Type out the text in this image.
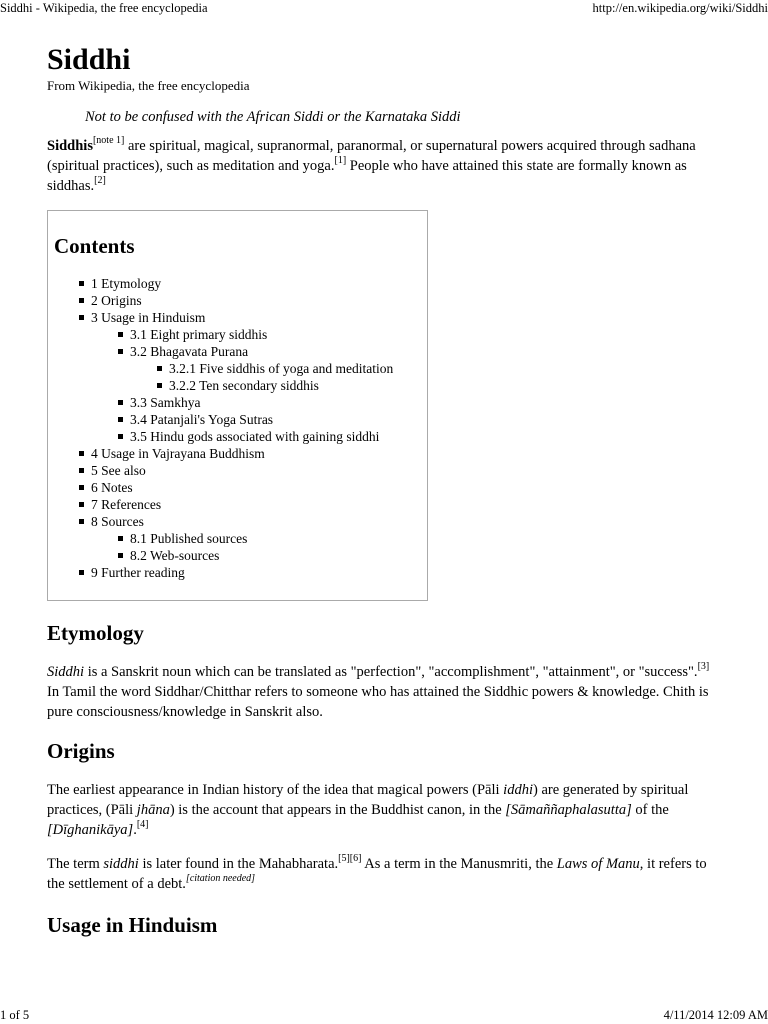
Siddhi - Wikipedia, the free encyclopedia	http://en.wikipedia.org/wiki/Siddhi
Siddhi
From Wikipedia, the free encyclopedia
Not to be confused with the African Siddi or the Karnataka Siddi

Siddhis[note 1] are spiritual, magical, supranormal, paranormal, or supernatural powers acquired through sadhana (spiritual practices), such as meditation and yoga.[1] People who have attained this state are formally known as siddhas.[2]

Contents
1 Etymology
2 Origins
3 Usage in Hinduism
3.1 Eight primary siddhis
3.2 Bhagavata Purana
3.2.1 Five siddhis of yoga and meditation
3.2.2 Ten secondary siddhis
3.3 Samkhya
3.4 Patanjali's Yoga Sutras
3.5 Hindu gods associated with gaining siddhi
4 Usage in Vajrayana Buddhism
5 See also
6 Notes
7 References
8 Sources
8.1 Published sources
8.2 Web-sources
9 Further reading
Etymology

Siddhi is a Sanskrit noun which can be translated as "perfection", "accomplishment", "attainment", or "success".[3] In Tamil the word Siddhar/Chitthar refers to someone who has attained the Siddhic powers & knowledge. Chith is pure consciousness/knowledge in Sanskrit also.

Origins

The earliest appearance in Indian history of the idea that magical powers (Pāli iddhi) are generated by spiritual practices, (Pāli jhāna) is the account that appears in the Buddhist canon, in the [Sāmaññaphalasutta] of the [Dīghanikāya].[4]

The term siddhi is later found in the Mahabharata.[5][6] As a term in the Manusmriti, the Laws of Manu, it refers to the settlement of a debt.[citation needed]

Usage in Hinduism
1 of 5	4/11/2014 12:09 AM
